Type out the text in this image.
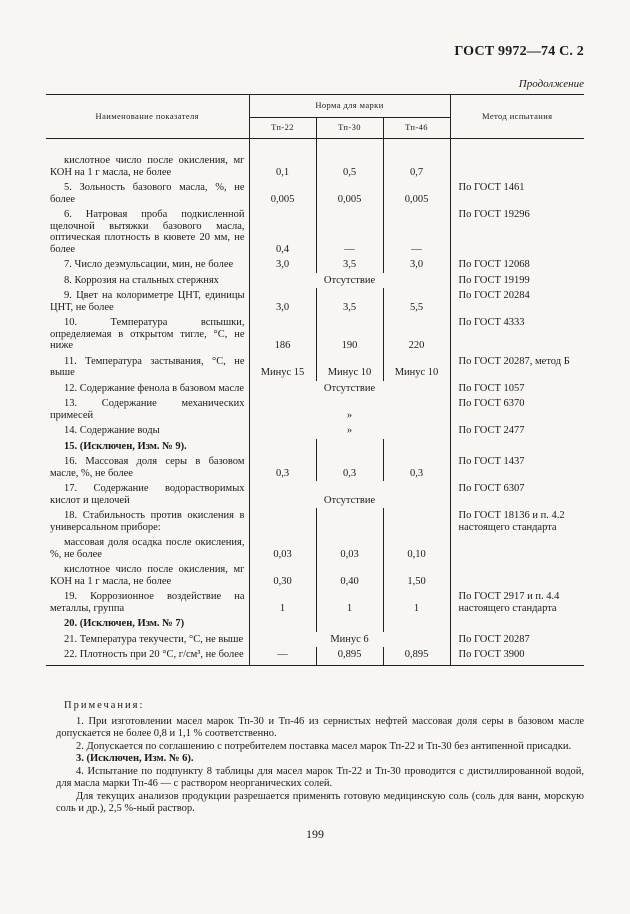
ГОСТ 9972—74 С. 2
Продолжение
Наименование показателя	Норма для марки			Метод испытания
	Тп-22	Тп-30	Тп-46	

кислотное число после окисления, мг КОН на 1 г масла, не более	0,1	0,5	0,7	
5. Зольность базового масла, %, не более	0,005	0,005	0,005	По ГОСТ 1461
6. Натровая проба подкисленной щелочной вытяжки базового масла, оптическая плотность в кювете 20 мм, не более	0,4	—	—	По ГОСТ 19296
7. Число деэмульсации, мин, не более	3,0	3,5	3,0	По ГОСТ 12068
8. Коррозия на стальных стержнях	Отсутствие			По ГОСТ 19199
9. Цвет на колориметре ЦНТ, единицы ЦНТ, не более	3,0	3,5	5,5	По ГОСТ 20284
10. Температура вспышки, определяемая в открытом тигле, °С, не ниже	186	190	220	По ГОСТ 4333
11. Температура застывания, °С, не выше	Минус 15	Минус 10	Минус 10	По ГОСТ 20287, метод Б
12. Содержание фенола в базовом масле	Отсутствие			По ГОСТ 1057
13. Содержание механических примесей	»			По ГОСТ 6370
14. Содержание воды	»			По ГОСТ 2477
15. (Исключен, Изм. № 9).				
16. Массовая доля серы в базовом масле, %, не более	0,3	0,3	0,3	По ГОСТ 1437
17. Содержание водорастворимых кислот и щелочей	Отсутствие			По ГОСТ 6307
18. Стабильность против окисления в универсальном приборе:				По ГОСТ 18136 и п. 4.2 настоящего стандарта
массовая доля осадка после окисления, %, не более	0,03	0,03	0,10	
кислотное число после окисления, мг КОН на 1 г масла, не более	0,30	0,40	1,50	
19. Коррозионное воздействие на металлы, группа	1	1	1	По ГОСТ 2917 и п. 4.4 настоящего стандарта
20. (Исключен, Изм. № 7)				
21. Температура текучести, °С, не выше	Минус 6			По ГОСТ 20287
22. Плотность при 20 °С, г/см³, не более	—	0,895	0,895	По ГОСТ 3900
Примечания:

1. При изготовлении масел марок Тп-30 и Тп-46 из сернистых нефтей массовая доля серы в базовом масле допускается не более 0,8 и 1,1 % соответственно.

2. Допускается по соглашению с потребителем поставка масел марок Тп-22 и Тп-30 без антипенной присадки.

3. (Исключен, Изм. № 6).

4. Испытание по подпункту 8 таблицы для масел марок Тп-22 и Тп-30 проводится с дистиллированной водой, для масла марки Тп-46 — с раствором неорганических солей.

Для текущих анализов продукции разрешается применять готовую медицинскую соль (соль для ванн, морскую соль и др.), 2,5 %-ный раствор.

199
